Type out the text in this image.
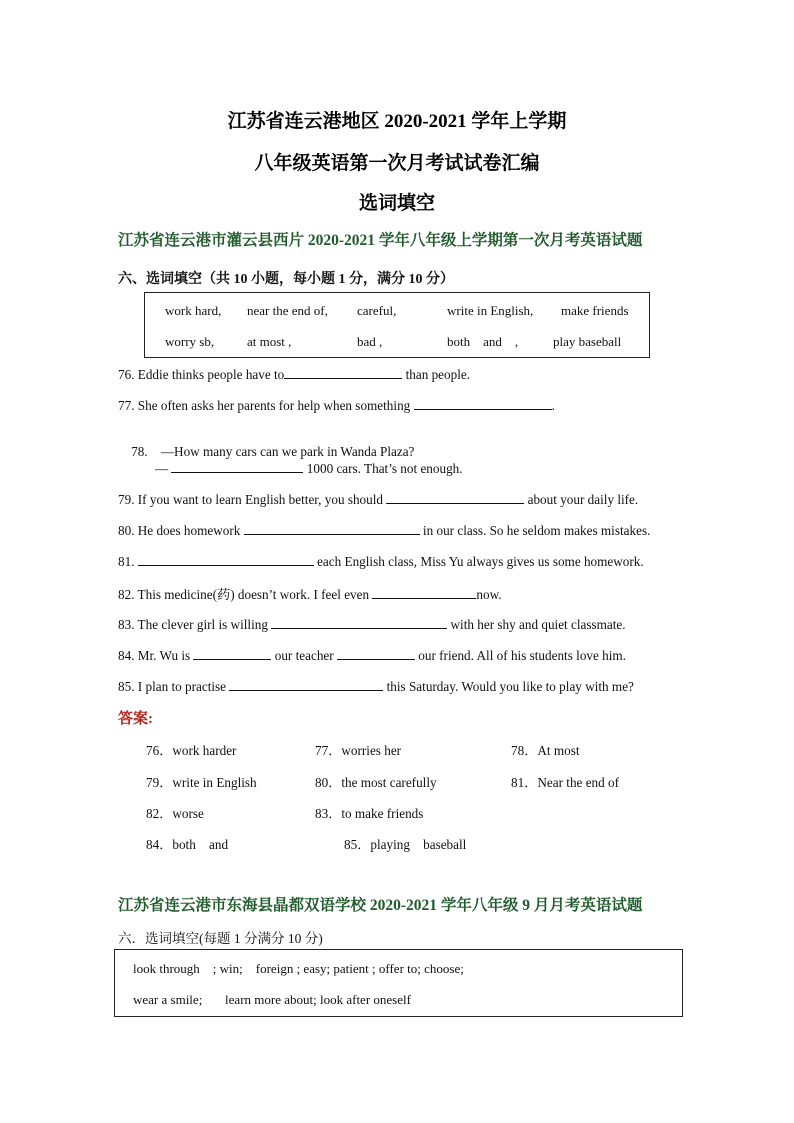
江苏省连云港地区 2020-2021 学年上学期
八年级英语第一次月考试试卷汇编
选词填空
江苏省连云港市灌云县西片 2020-2021 学年八年级上学期第一次月考英语试题
六、选词填空（共 10 小题，每小题 1 分，满分 10 分）
work hard, near the end of, careful,	write in English, make friends
worry sb,	at most ,	bad ,	both    and    ,	play baseball
76. Eddie thinks people have to	than people.
77. She often asks her parents for help when something	.

78.    —How many cars can we park in Wanda Plaza?

—	1000 cars. That’s not enough.
79. If you want to learn English better, you should	about your daily life.
80. He does homework	in our class. So he seldom makes mistakes.
81.	each English class, Miss Yu always gives us some homework.
82. This medicine(药) doesn’t work. I feel even	now.
83. The clever girl is willing	with her shy and quiet classmate.
84. Mr. Wu is	our teacher	our friend. All of his students love him.
85. I plan to practise	this Saturday. Would you like to play with me?
答案:
76．work harder	77．worries her	78．At most
79．write in English	80．the most carefully	81．Near the end of
82．worse	83．to make friends
84．both    and	85．playing    baseball
江苏省连云港市东海县晶都双语学校 2020-2021 学年八年级 9 月月考英语试题
六．选词填空(每题 1 分满分 10 分)
look through    ; win;    foreign ; easy; patient ; offer to; choose;
wear a smile;       learn more about; look after oneself
